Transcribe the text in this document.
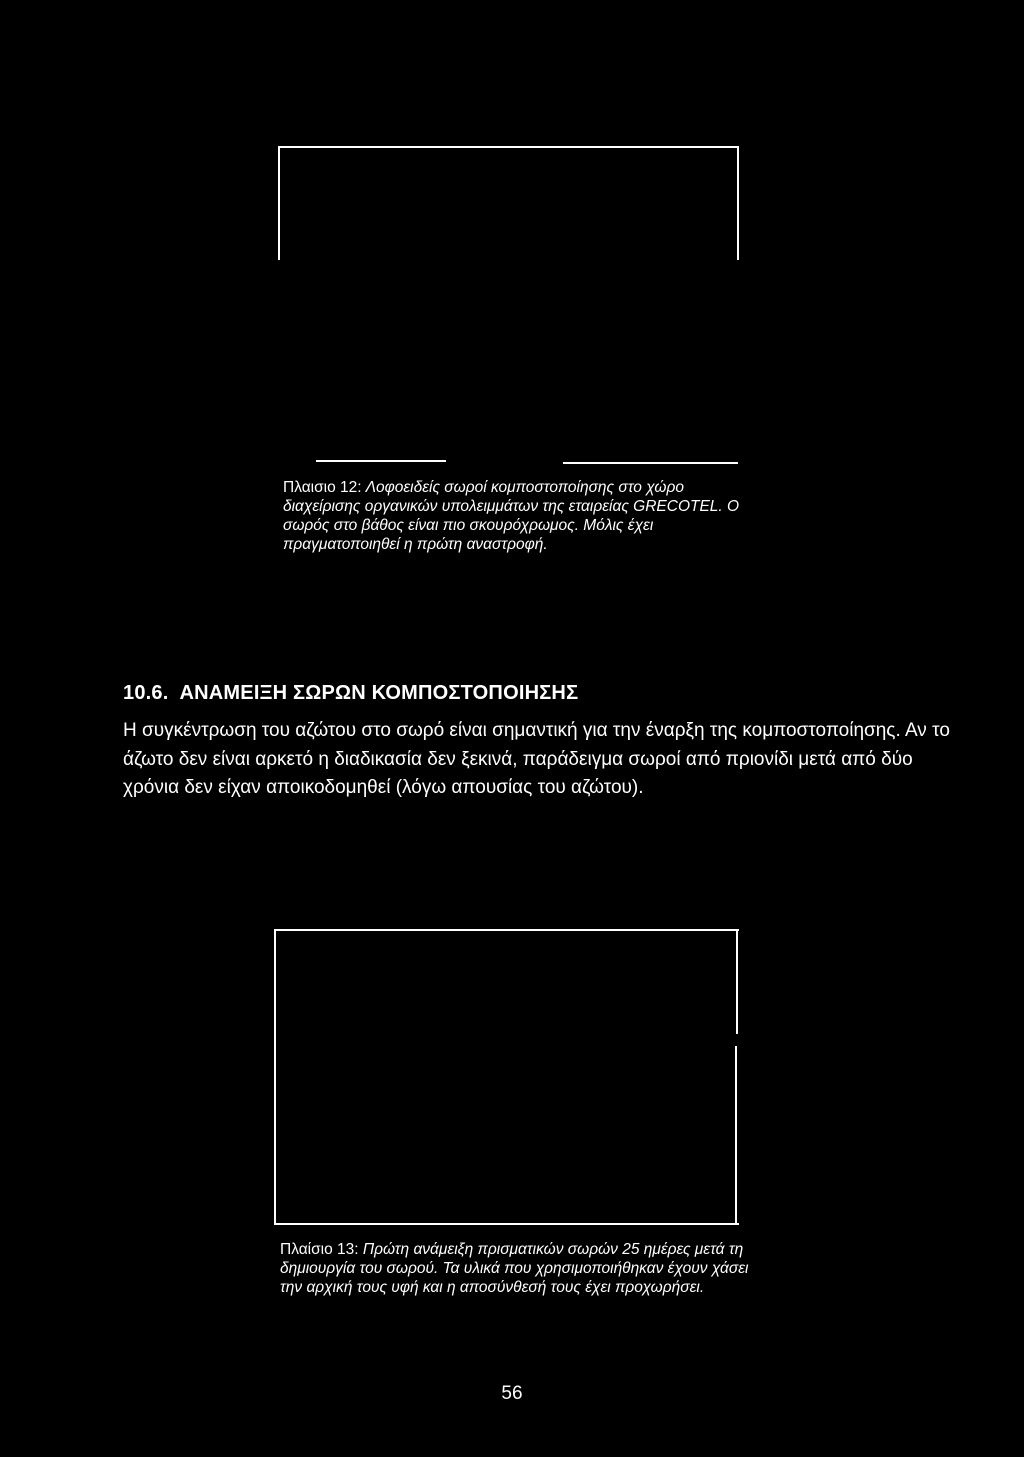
Πλαισιο 12: Λοφοειδείς σωροί κομποστοποίησης στο χώρο διαχείρισης οργανικών υπολειμμάτων της εταιρείας GRECOTEL. Ο σωρός στο βάθος είναι πιο σκουρόχρωμος. Μόλις έχει πραγματοποιηθεί η πρώτη αναστροφή.
10.6. ΑΝΑΜΕΙΞΗ ΣΩΡΩΝ ΚΟΜΠΟΣΤΟΠΟΙΗΣΗΣ
Η συγκέντρωση του αζώτου στο σωρό είναι σημαντική για την έναρξη της κομποστοποίησης. Αν το άζωτο δεν είναι αρκετό η διαδικασία δεν ξεκινά, παράδειγμα σωροί από πριονίδι μετά από δύο χρόνια δεν είχαν αποικοδομηθεί (λόγω απουσίας του αζώτου).
Πλαίσιο 13: Πρώτη ανάμειξη πρισματικών σωρών 25 ημέρες μετά τη δημιουργία του σωρού. Τα υλικά που χρησιμοποιήθηκαν έχουν χάσει την αρχική τους υφή και η αποσύνθεσή τους έχει προχωρήσει.
56
